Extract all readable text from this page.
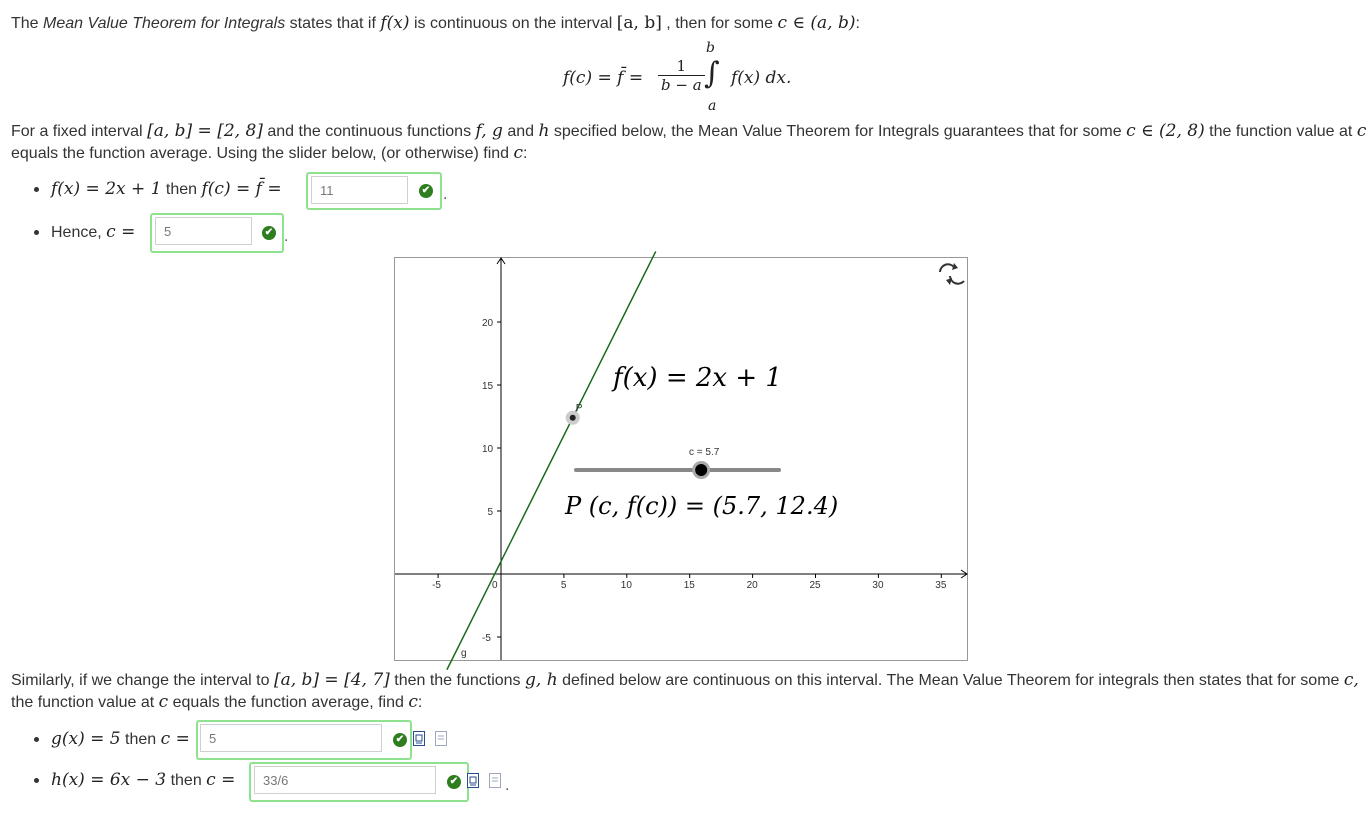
The Mean Value Theorem for Integrals states that if f(x) is continuous on the interval [a, b] , then for some c ∈ (a, b):
f(c) = f̄ = $\frac{1}{b - a}$
b
∫
a
f(x) dx.
For a fixed interval [a, b] = [2, 8] and the continuous functions f, g and h specified below, the Mean Value Theorem for Integrals guarantees that for some c ∈ (2, 8) the function value at c
equals the function average. Using the slider below, (or otherwise) find c:
f(x) = 2x + 1 then f(c) = f̄ =	11	✔ .
Hence, c =	5	✔ .
-5	0	5	10	15	20	25	30	35
20
15
10
5
-5
g
P
f(x) = 2x + 1
c = 5.7
P (c, f(c)) = (5.7, 12.4)
Similarly, if we change the interval to [a, b] = [4, 7] then the functions g, h defined below are continuous on this interval. The Mean Value Theorem for integrals then states that for some c,
the function value at c equals the function average, find c:
g(x) = 5 then c =	5	✔
h(x) = 6x − 3 then c =	33/6	✔	.
